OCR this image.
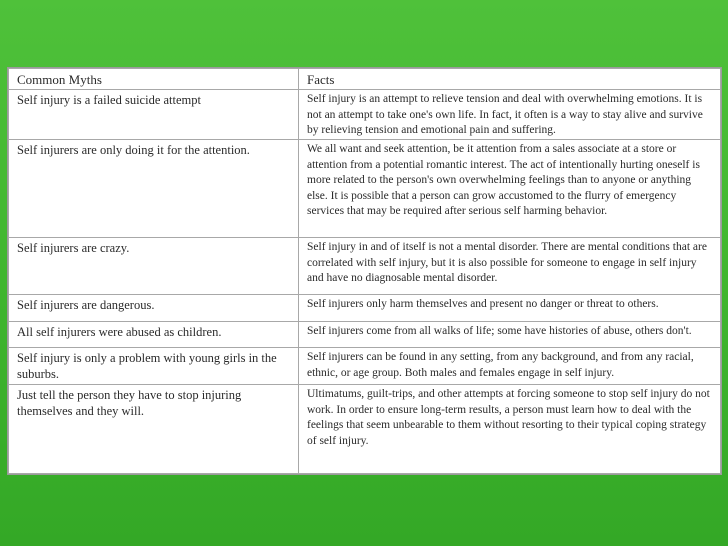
Common Myths	Facts
Self injury is a failed suicide attempt	Self injury is an attempt to relieve tension and deal with overwhelming emotions. It is not an attempt to take one's own life. In fact, it often is a way to stay alive and survive by relieving tension and emotional pain and suffering.
Self injurers are only doing it for the attention.	We all want and seek attention, be it attention from a sales associate at a store or attention from a potential romantic interest. The act of intentionally hurting oneself is more related to the person's own overwhelming feelings than to anyone or anything else. It is possible that a person can grow accustomed to the flurry of emergency services that may be required after serious self harming behavior.
Self injurers are crazy.	Self injury in and of itself is not a mental disorder. There are mental conditions that are correlated with self injury, but it is also possible for someone to engage in self injury and have no diagnosable mental disorder.
Self injurers are dangerous.	Self injurers only harm themselves and present no danger or threat to others.
All self injurers were abused as children.	Self injurers come from all walks of life; some have histories of abuse, others don't.
Self injury is only a problem with young girls in the suburbs.	Self injurers can be found in any setting, from any background, and from any racial, ethnic, or age group. Both males and females engage in self injury.
Just tell the person they have to stop injuring themselves and they will.	Ultimatums, guilt-trips, and other attempts at forcing someone to stop self injury do not work. In order to ensure long-term results, a person must learn how to deal with the feelings that seem unbearable to them without resorting to their typical coping strategy of self injury.
